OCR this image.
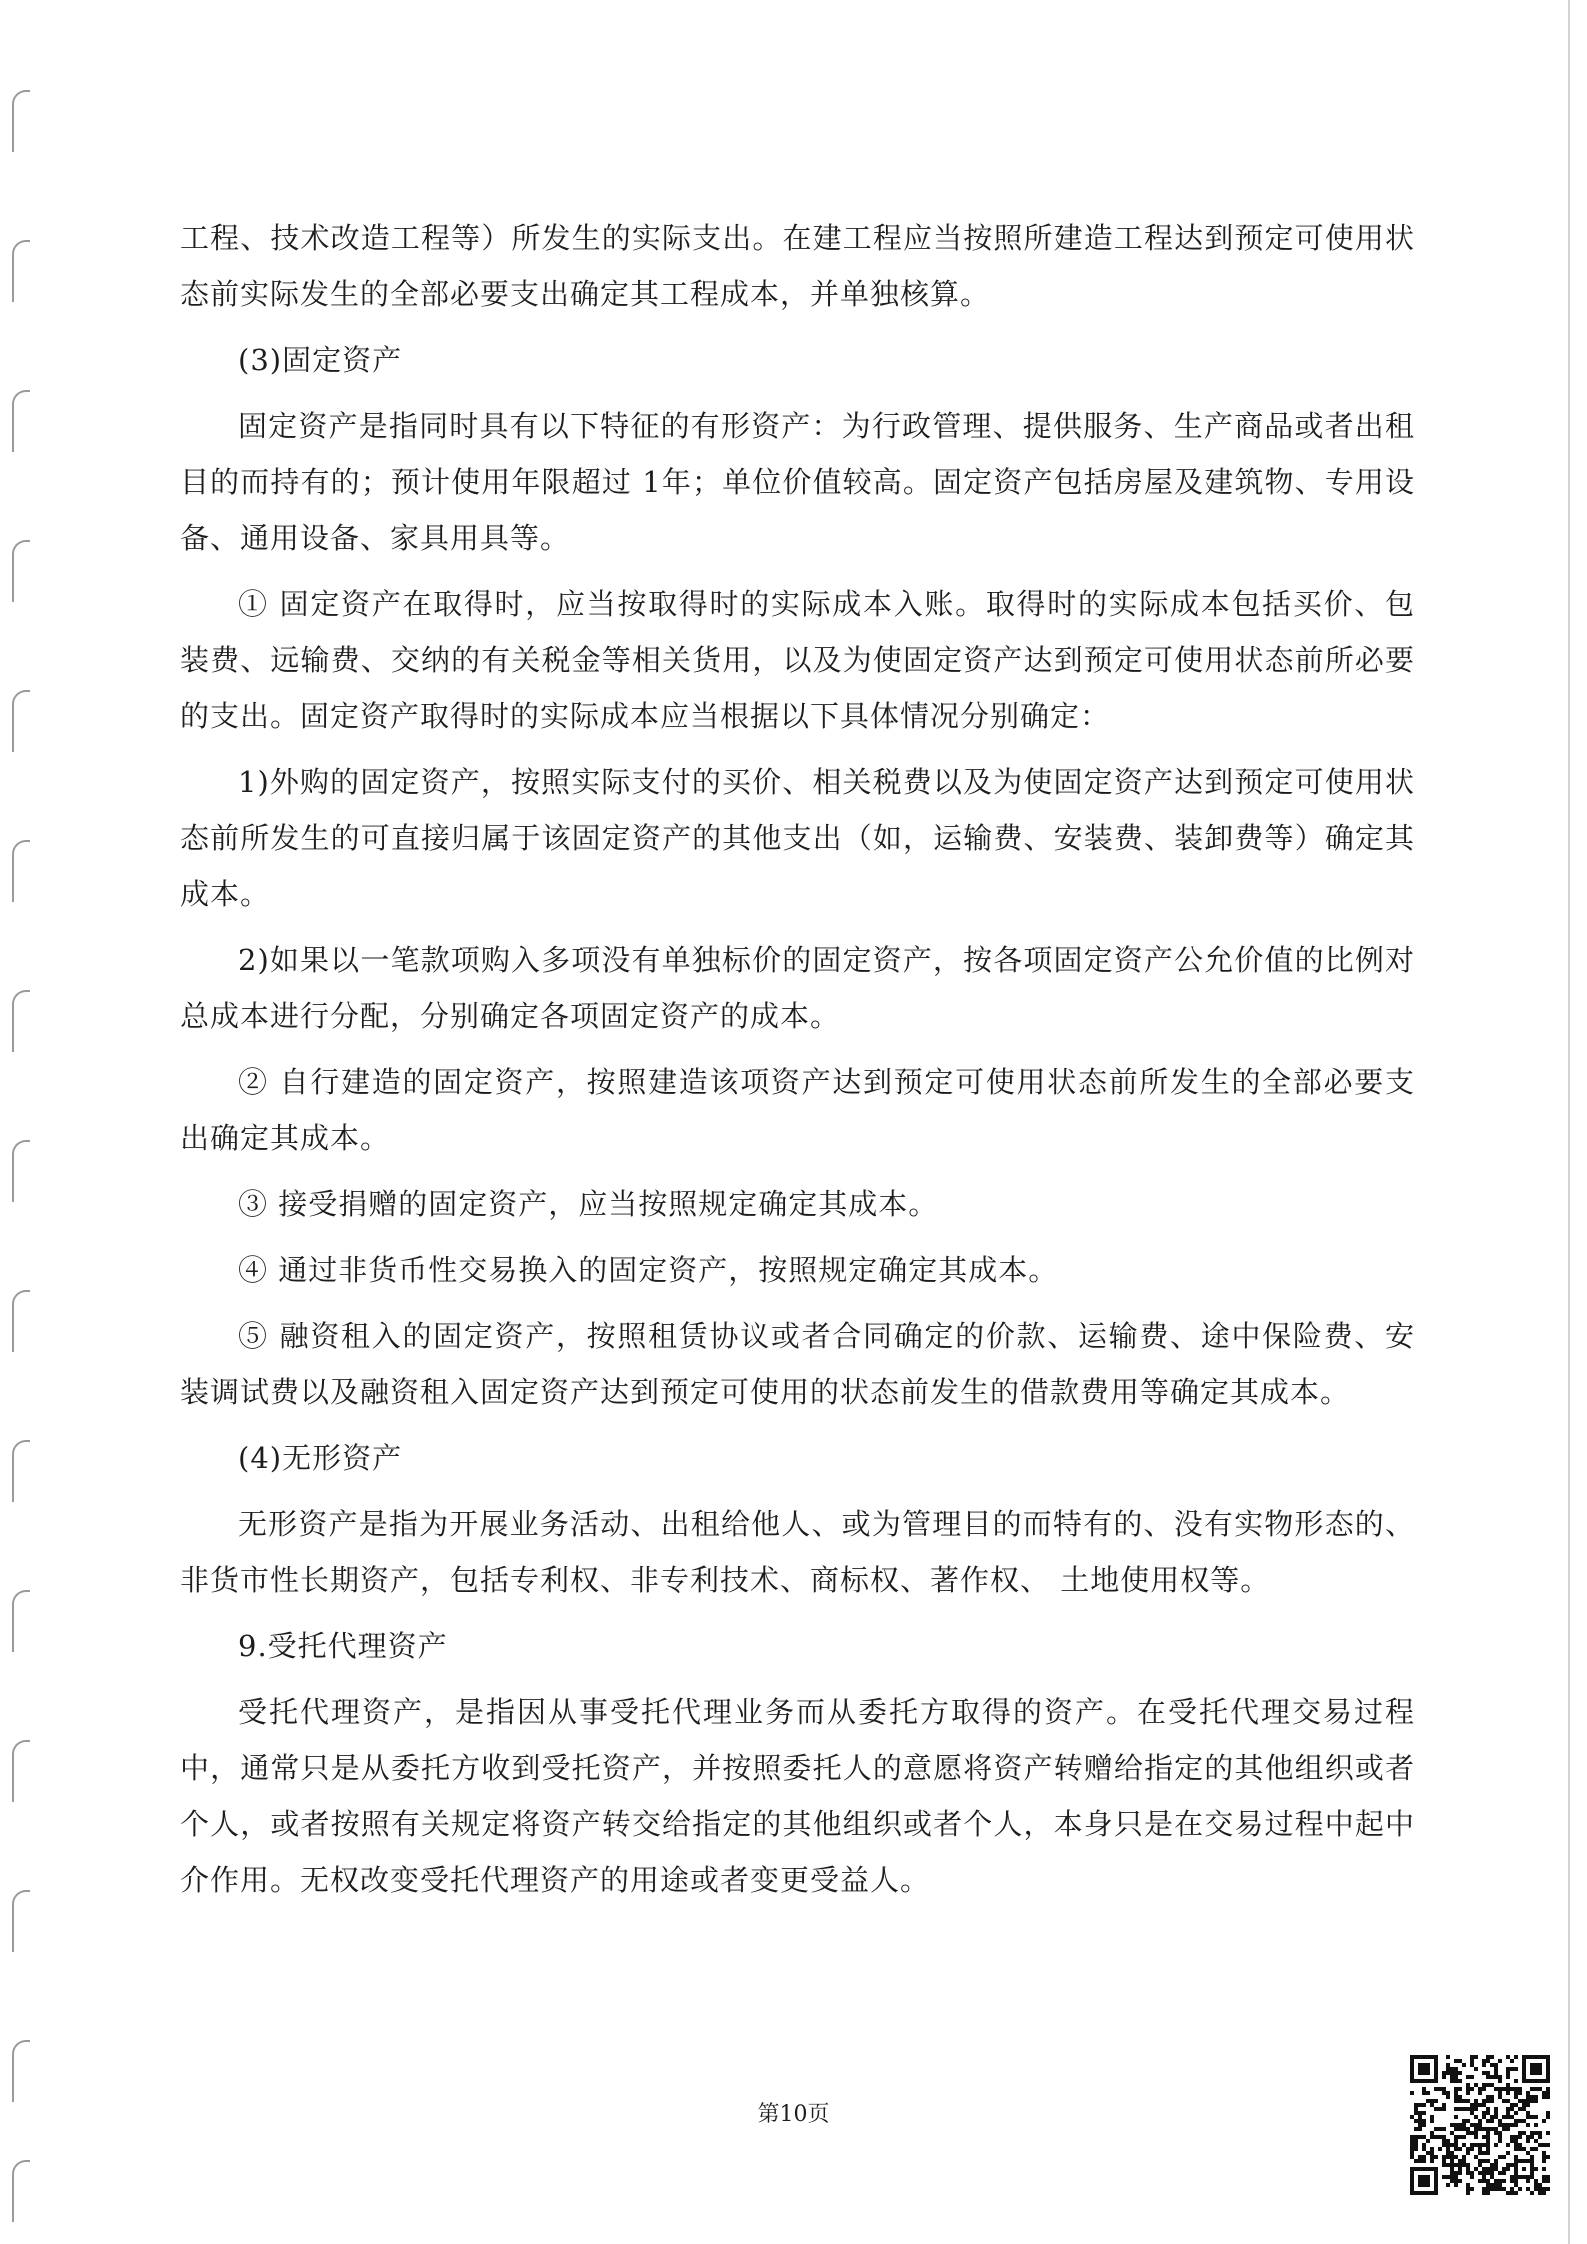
工程、技术改造工程等）所发生的实际支出。在建工程应当按照所建造工程达到预定可使用状态前实际发生的全部必要支出确定其工程成本，并单独核算。

(3)固定资产

固定资产是指同时具有以下特征的有形资产：为行政管理、提供服务、生产商品或者出租目的而持有的；预计使用年限超过 1年；单位价值较高。固定资产包括房屋及建筑物、专用设备、通用设备、家具用具等。

① 固定资产在取得时，应当按取得时的实际成本入账。取得时的实际成本包括买价、包装费、远输费、交纳的有关税金等相关货用，以及为使固定资产达到预定可使用状态前所必要的支出。固定资产取得时的实际成本应当根据以下具体情况分别确定：

1)外购的固定资产，按照实际支付的买价、相关税费以及为使固定资产达到预定可使用状态前所发生的可直接归属于该固定资产的其他支出（如，运输费、安装费、装卸费等）确定其成本。

2)如果以一笔款项购入多项没有单独标价的固定资产，按各项固定资产公允价值的比例对总成本进行分配，分别确定各项固定资产的成本。

② 自行建造的固定资产，按照建造该项资产达到预定可使用状态前所发生的全部必要支出确定其成本。

③ 接受捐赠的固定资产，应当按照规定确定其成本。

④ 通过非货币性交易换入的固定资产，按照规定确定其成本。

⑤ 融资租入的固定资产，按照租赁协议或者合同确定的价款、运输费、途中保险费、安装调试费以及融资租入固定资产达到预定可使用的状态前发生的借款费用等确定其成本。

(4)无形资产

无形资产是指为开展业务活动、出租给他人、或为管理目的而特有的、没有实物形态的、非货市性长期资产，包括专利权、非专利技术、商标权、著作权、 土地使用权等。

9.受托代理资产

受托代理资产，是指因从事受托代理业务而从委托方取得的资产。在受托代理交易过程中，通常只是从委托方收到受托资产，并按照委托人的意愿将资产转赠给指定的其他组织或者个人，或者按照有关规定将资产转交给指定的其他组织或者个人，本身只是在交易过程中起中介作用。无权改变受托代理资产的用途或者变更受益人。

第10页
